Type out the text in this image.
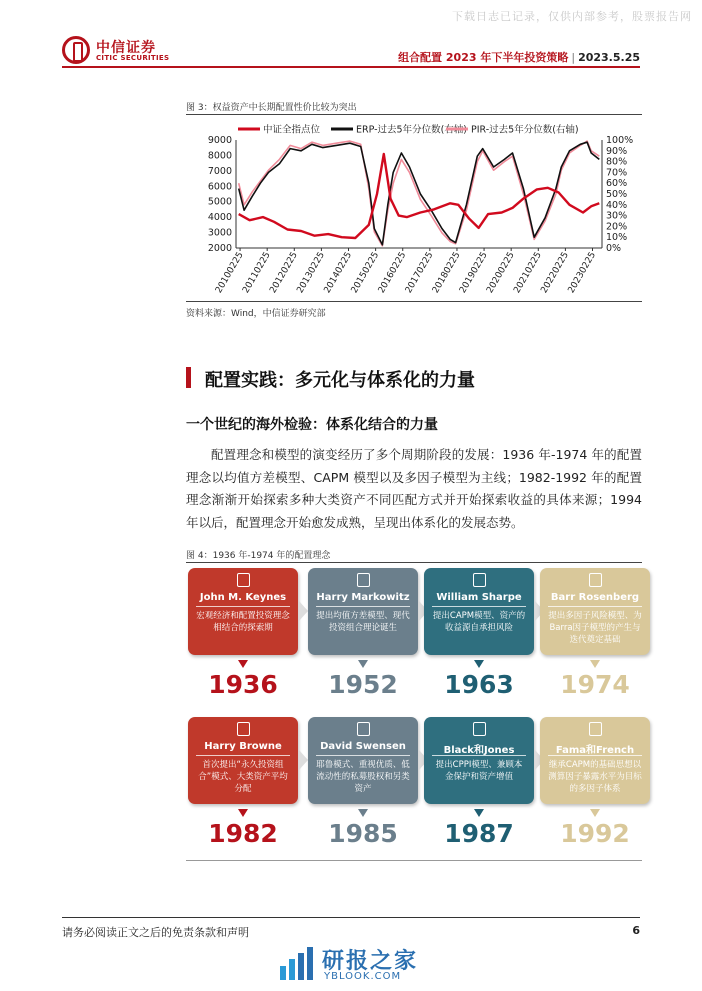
下载日志已记录，仅供内部参考，股票报告网
中信证券
CITIC SECURITIES	组合配置 2023 年下半年投资策略 | 2023.5.25
图 3：权益资产中长期配置性价比较为突出
2000
3000
4000
5000
6000
7000
8000
9000
0%
10%
20%
30%
40%
50%
60%
70%
80%
90%
100%
20100225
20110225
20120225
20130225
20140225
20150225
20160225
20170225
20180225
20190225
20200225
20210225
20220225
20230225
中证全指点位	ERP-过去5年分位数(右轴) PIR-过去5年分位数(右轴)
资料来源：Wind，中信证券研究部
配置实践：多元化与体系化的力量
一个世纪的海外检验：体系化结合的力量
配置理念和模型的演变经历了多个周期阶段的发展：1936 年-1974 年的配置理念以均值方差模型、CAPM 模型以及多因子模型为主线；1982-1992 年的配置理念渐渐开始探索多种大类资产不同匹配方式并开始探索收益的具体来源；1994 年以后，配置理念开始愈发成熟，呈现出体系化的发展态势。
图 4：1936 年-1974 年的配置理念
John M. Keynes
宏观经济和配置投资理念相结合的探索期
1936
Harry Markowitz
提出均值方差模型、现代投资组合理论诞生
1952
William Sharpe
提出CAPM模型、资产的收益源自承担风险
1963
Barr Rosenberg
提出多因子风险模型、为Barra因子模型的产生与迭代奠定基础
1974
Harry Browne
首次提出“永久投资组合”模式、大类资产平均分配
1982
David Swensen
耶鲁模式、重视优质、低流动性的私募股权和另类资产
1985
Black和Jones
提出CPPI模型、兼顾本金保护和资产增值
1987
Fama和French
继承CAPM的基础思想以测算因子暴露水平为目标的多因子体系
1992
请务必阅读正文之后的免责条款和声明	6
研报之家
YBLOOK.COM
